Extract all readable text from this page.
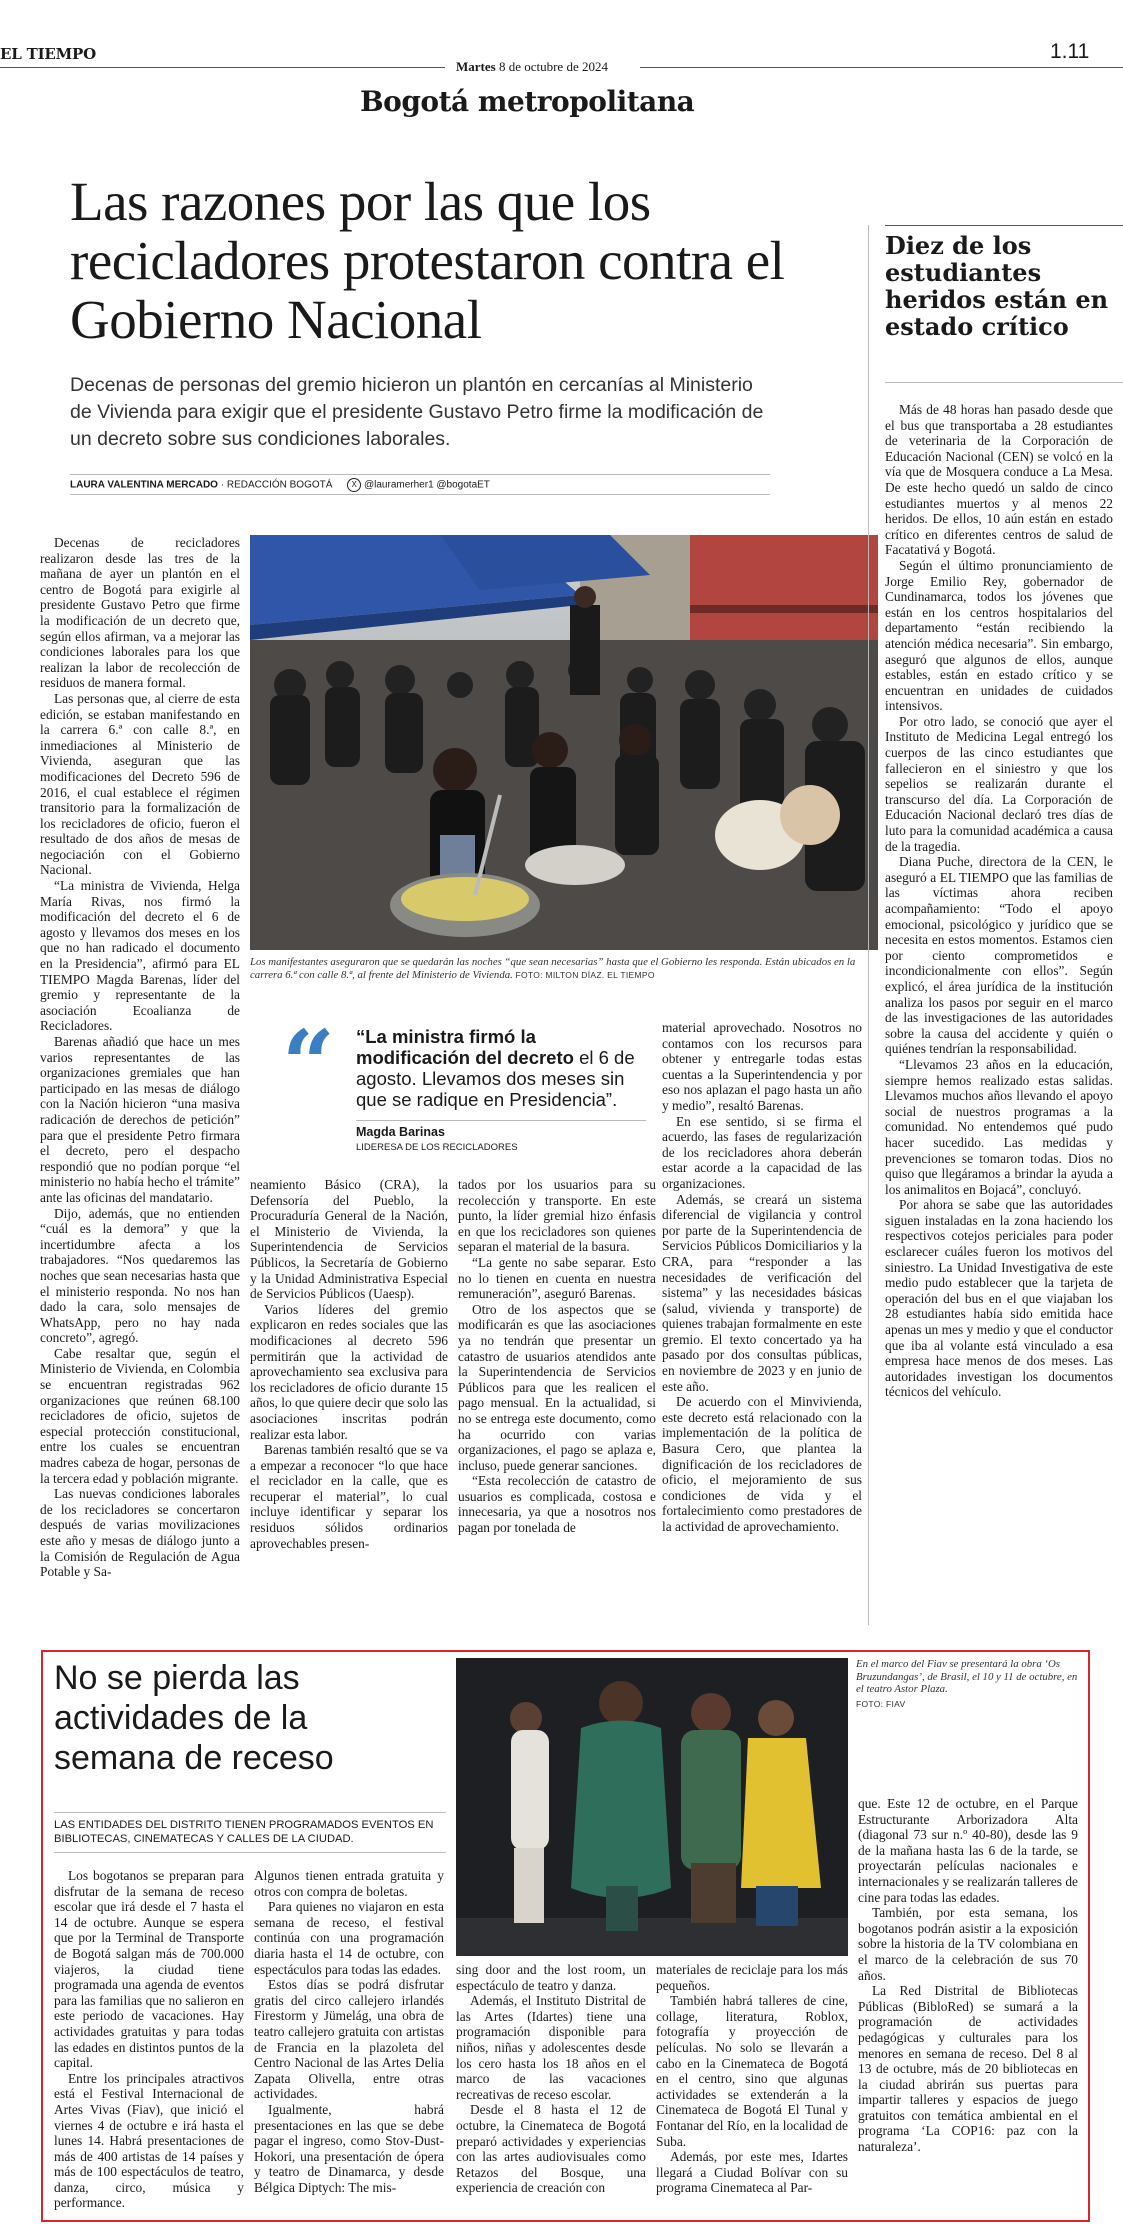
EL TIEMPO
Martes 8 de octubre de 2024
1.11
Bogotá metropolitana
Las razones por las que los recicladores protestaron contra el Gobierno Nacional
Decenas de personas del gremio hicieron un plantón en cercanías al Ministerio de Vivienda para exigir que el presidente Gustavo Petro firme la modificación de un decreto sobre sus condiciones laborales.
LAURA VALENTINA MERCADO · REDACCIÓN BOGOTÁ X @lauramerher1 @bogotaET

Decenas de recicladores realizaron desde las tres de la mañana de ayer un plantón en el centro de Bogotá para exigirle al presidente Gustavo Petro que firme la modificación de un decreto que, según ellos afirman, va a mejorar las condiciones laborales para los que realizan la labor de recolección de residuos de manera formal.

Las personas que, al cierre de esta edición, se estaban manifestando en la carrera 6.ª con calle 8.ª, en inmediaciones al Ministerio de Vivienda, aseguran que las modificaciones del Decreto 596 de 2016, el cual establece el régimen transitorio para la formalización de los recicladores de oficio, fueron el resultado de dos años de mesas de negociación con el Gobierno Nacional.

“La ministra de Vivienda, Helga María Rivas, nos firmó la modificación del decreto el 6 de agosto y llevamos dos meses en los que no han radicado el documento en la Presidencia”, afirmó para EL TIEMPO Magda Barenas, líder del gremio y representante de la asociación Ecoalianza de Recicladores.

Barenas añadió que hace un mes varios representantes de las organizaciones gremiales que han participado en las mesas de diálogo con la Nación hicieron “una masiva radicación de derechos de petición” para que el presidente Petro firmara el decreto, pero el despacho respondió que no podían porque “el ministerio no había hecho el trámite” ante las oficinas del mandatario.

Dijo, además, que no entienden “cuál es la demora” y que la incertidumbre afecta a los trabajadores. “Nos quedaremos las noches que sean necesarias hasta que el ministerio responda. No nos han dado la cara, solo mensajes de WhatsApp, pero no hay nada concreto”, agregó.

Cabe resaltar que, según el Ministerio de Vivienda, en Colombia se encuentran registradas 962 organizaciones que reúnen 68.100 recicladores de oficio, sujetos de especial protección constitucional, entre los cuales se encuentran madres cabeza de hogar, personas de la tercera edad y población migrante.

Las nuevas condiciones laborales de los recicladores se concertaron después de varias movilizaciones este año y mesas de diálogo junto a la Comisión de Regulación de Agua Potable y Sa-

Los manifestantes aseguraron que se quedarán las noches “que sean necesarias” hasta que el Gobierno les responda. Están ubicados en la carrera 6.ª con calle 8.ª, al frente del Ministerio de Vivienda. FOTO: MILTON DÍAZ. EL TIEMPO
“ “La ministra firmó la modificación del decreto el 6 de agosto. Llevamos dos meses sin que se radique en Presidencia”.
Magda Barinas
LIDERESA DE LOS RECICLADORES

neamiento Básico (CRA), la Defensoría del Pueblo, la Procuraduría General de la Nación, el Ministerio de Vivienda, la Superintendencia de Servicios Públicos, la Secretaría de Gobierno y la Unidad Administrativa Especial de Servicios Públicos (Uaesp).

Varios líderes del gremio explicaron en redes sociales que las modificaciones al decreto 596 permitirán que la actividad de aprovechamiento sea exclusiva para los recicladores de oficio durante 15 años, lo que quiere decir que solo las asociaciones inscritas podrán realizar esta labor.

Barenas también resaltó que se va a empezar a reconocer “lo que hace el reciclador en la calle, que es recuperar el material”, lo cual incluye identificar y separar los residuos sólidos ordinarios aprovechables presen-

tados por los usuarios para su recolección y transporte. En este punto, la líder gremial hizo énfasis en que los recicladores son quienes separan el material de la basura.

“La gente no sabe separar. Esto no lo tienen en cuenta en nuestra remuneración”, aseguró Barenas.

Otro de los aspectos que se modificarán es que las asociaciones ya no tendrán que presentar un catastro de usuarios atendidos ante la Superintendencia de Servicios Públicos para que les realicen el pago mensual. En la actualidad, si no se entrega este documento, como ha ocurrido con varias organizaciones, el pago se aplaza e, incluso, puede generar sanciones.

“Esta recolección de catastro de usuarios es complicada, costosa e innecesaria, ya que a nosotros nos pagan por tonelada de

material aprovechado. Nosotros no contamos con los recursos para obtener y entregarle todas estas cuentas a la Superintendencia y por eso nos aplazan el pago hasta un año y medio”, resaltó Barenas.

En ese sentido, si se firma el acuerdo, las fases de regularización de los recicladores ahora deberán estar acorde a la capacidad de las organizaciones.

Además, se creará un sistema diferencial de vigilancia y control por parte de la Superintendencia de Servicios Públicos Domiciliarios y la CRA, para “responder a las necesidades de verificación del sistema” y las necesidades básicas (salud, vivienda y transporte) de quienes trabajan formalmente en este gremio. El texto concertado ya ha pasado por dos consultas públicas, en noviembre de 2023 y en junio de este año.

De acuerdo con el Minvivienda, este decreto está relacionado con la implementación de la política de Basura Cero, que plantea la dignificación de los recicladores de oficio, el mejoramiento de sus condiciones de vida y el fortalecimiento como prestadores de la actividad de aprovechamiento.

Diez de los estudiantes heridos están en estado crítico

Más de 48 horas han pasado desde que el bus que transportaba a 28 estudiantes de veterinaria de la Corporación de Educación Nacional (CEN) se volcó en la vía que de Mosquera conduce a La Mesa. De este hecho quedó un saldo de cinco estudiantes muertos y al menos 22 heridos. De ellos, 10 aún están en estado crítico en diferentes centros de salud de Facatativá y Bogotá.

Según el último pronunciamiento de Jorge Emilio Rey, gobernador de Cundinamarca, todos los jóvenes que están en los centros hospitalarios del departamento “están recibiendo la atención médica necesaria”. Sin embargo, aseguró que algunos de ellos, aunque estables, están en estado crítico y se encuentran en unidades de cuidados intensivos.

Por otro lado, se conoció que ayer el Instituto de Medicina Legal entregó los cuerpos de las cinco estudiantes que fallecieron en el siniestro y que los sepelios se realizarán durante el transcurso del día. La Corporación de Educación Nacional declaró tres días de luto para la comunidad académica a causa de la tragedia.

Diana Puche, directora de la CEN, le aseguró a EL TIEMPO que las familias de las víctimas ahora reciben acompañamiento: “Todo el apoyo emocional, psicológico y jurídico que se necesita en estos momentos. Estamos cien por ciento comprometidos e incondicionalmente con ellos”. Según explicó, el área jurídica de la institución analiza los pasos por seguir en el marco de las investigaciones de las autoridades sobre la causa del accidente y quién o quiénes tendrían la responsabilidad.

“Llevamos 23 años en la educación, siempre hemos realizado estas salidas. Llevamos muchos años llevando el apoyo social de nuestros programas a la comunidad. No entendemos qué pudo hacer sucedido. Las medidas y prevenciones se tomaron todas. Dios no quiso que llegáramos a brindar la ayuda a los animalitos en Bojacá”, concluyó.

Por ahora se sabe que las autoridades siguen instaladas en la zona haciendo los respectivos cotejos periciales para poder esclarecer cuáles fueron los motivos del siniestro. La Unidad Investigativa de este medio pudo establecer que la tarjeta de operación del bus en el que viajaban los 28 estudiantes había sido emitida hace apenas un mes y medio y que el conductor que iba al volante está vinculado a esa empresa hace menos de dos meses. Las autoridades investigan los documentos técnicos del vehículo.

No se pierda las actividades de la semana de receso
LAS ENTIDADES DEL DISTRITO TIENEN PROGRAMADOS EVENTOS EN BIBLIOTECAS, CINEMATECAS Y CALLES DE LA CIUDAD.
En el marco del Fiav se presentará la obra ‘Os Bruzundangas’, de Brasil, el 10 y 11 de octubre, en el teatro Astor Plaza.
FOTO: FIAV

Los bogotanos se preparan para disfrutar de la semana de receso escolar que irá desde el 7 hasta el 14 de octubre. Aunque se espera que por la Terminal de Transporte de Bogotá salgan más de 700.000 viajeros, la ciudad tiene programada una agenda de eventos para las familias que no salieron en este periodo de vacaciones. Hay actividades gratuitas y para todas las edades en distintos puntos de la capital.

Entre los principales atractivos está el Festival Internacional de Artes Vivas (Fiav), que inició el viernes 4 de octubre e irá hasta el lunes 14. Habrá presentaciones de más de 400 artistas de 14 países y más de 100 espectáculos de teatro, danza, circo, música y performance.

Algunos tienen entrada gratuita y otros con compra de boletas.

Para quienes no viajaron en esta semana de receso, el festival continúa con una programación diaria hasta el 14 de octubre, con espectáculos para todas las edades.

Estos días se podrá disfrutar gratis del circo callejero irlandés Firestorm y Jümelág, una obra de teatro callejero gratuita con artistas de Francia en la plazoleta del Centro Nacional de las Artes Delia Zapata Olivella, entre otras actividades.

Igualmente, habrá presentaciones en las que se debe pagar el ingreso, como Stov-Dust-Hokori, una presentación de ópera y teatro de Dinamarca, y desde Bélgica Diptych: The mis-

sing door and the lost room, un espectáculo de teatro y danza.

Además, el Instituto Distrital de las Artes (Idartes) tiene una programación disponible para niños, niñas y adolescentes desde los cero hasta los 18 años en el marco de las vacaciones recreativas de receso escolar.

Desde el 8 hasta el 12 de octubre, la Cinemateca de Bogotá preparó actividades y experiencias con las artes audiovisuales como Retazos del Bosque, una experiencia de creación con

materiales de reciclaje para los más pequeños.

También habrá talleres de cine, collage, literatura, Roblox, fotografía y proyección de películas. No solo se llevarán a cabo en la Cinemateca de Bogotá en el centro, sino que algunas actividades se extenderán a la Cinemateca de Bogotá El Tunal y Fontanar del Río, en la localidad de Suba.

Además, por este mes, Idartes llegará a Ciudad Bolívar con su programa Cinemateca al Par-

que. Este 12 de octubre, en el Parque Estructurante Arborizadora Alta (diagonal 73 sur n.º 40-80), desde las 9 de la mañana hasta las 6 de la tarde, se proyectarán películas nacionales e internacionales y se realizarán talleres de cine para todas las edades.

También, por esta semana, los bogotanos podrán asistir a la exposición sobre la historia de la TV colombiana en el marco de la celebración de sus 70 años.

La Red Distrital de Bibliotecas Públicas (BibloRed) se sumará a la programación de actividades pedagógicas y culturales para los menores en semana de receso. Del 8 al 13 de octubre, más de 20 bibliotecas en la ciudad abrirán sus puertas para impartir talleres y espacios de juego gratuitos con temática ambiental en el programa ‘La COP16: paz con la naturaleza’.
